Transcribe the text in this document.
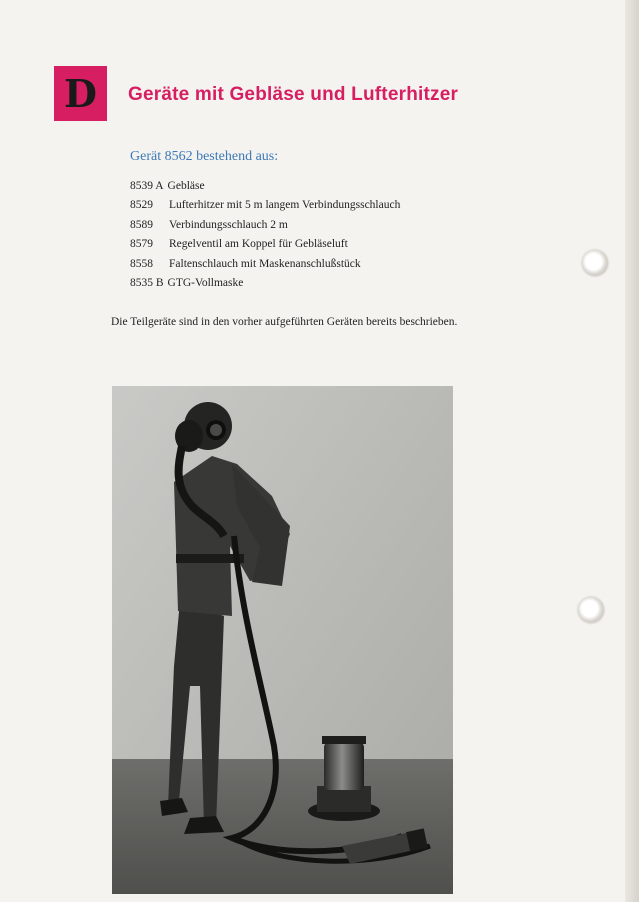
D Geräte mit Gebläse und Lufterhitzer
Gerät 8562 bestehend aus:
8539 A Gebläse
8529	Lufterhitzer mit 5 m langem Verbindungsschlauch
8589	Verbindungsschlauch 2 m
8579	Regelventil am Koppel für Gebläseluft
8558	Faltenschlauch mit Maskenanschlußstück
8535 B GTG-Vollmaske
Die Teilgeräte sind in den vorher aufgeführten Geräten bereits beschrieben.
